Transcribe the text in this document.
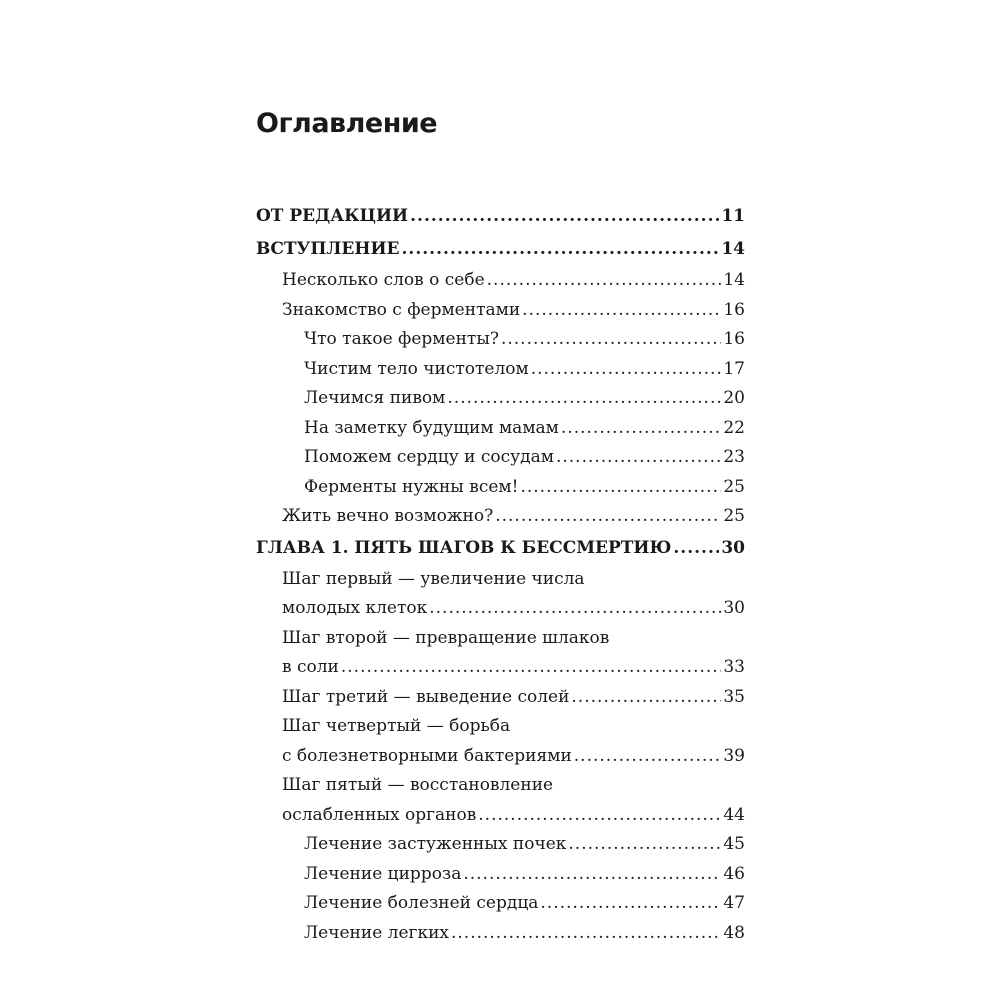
Оглавление
ОТ РЕДАКЦИИ .....	11
ВСТУПЛЕНИЕ .....	14
Несколько слов о себе .....	14
Знакомство с ферментами .....	16
Что такое ферменты? .....	16
Чистим тело чистотелом .....	17
Лечимся пивом .....	20
На заметку будущим мамам .....	22
Поможем сердцу и сосудам .....	23
Ферменты нужны всем! .....	25
Жить вечно возможно? .....	25
ГЛАВА 1. ПЯТЬ ШАГОВ К БЕССМЕРТИЮ .....	30
Шаг первый — увеличение числа
молодых клеток .....	30
Шаг второй — превращение шлаков
в соли .....	33
Шаг третий — выведение солей .....	35
Шаг четвертый — борьба
с болезнетворными бактериями .....	39
Шаг пятый — восстановление
ослабленных органов .....	44
Лечение застуженных почек .....	45
Лечение цирроза .....	46
Лечение болезней сердца .....	47
Лечение легких .....	48
